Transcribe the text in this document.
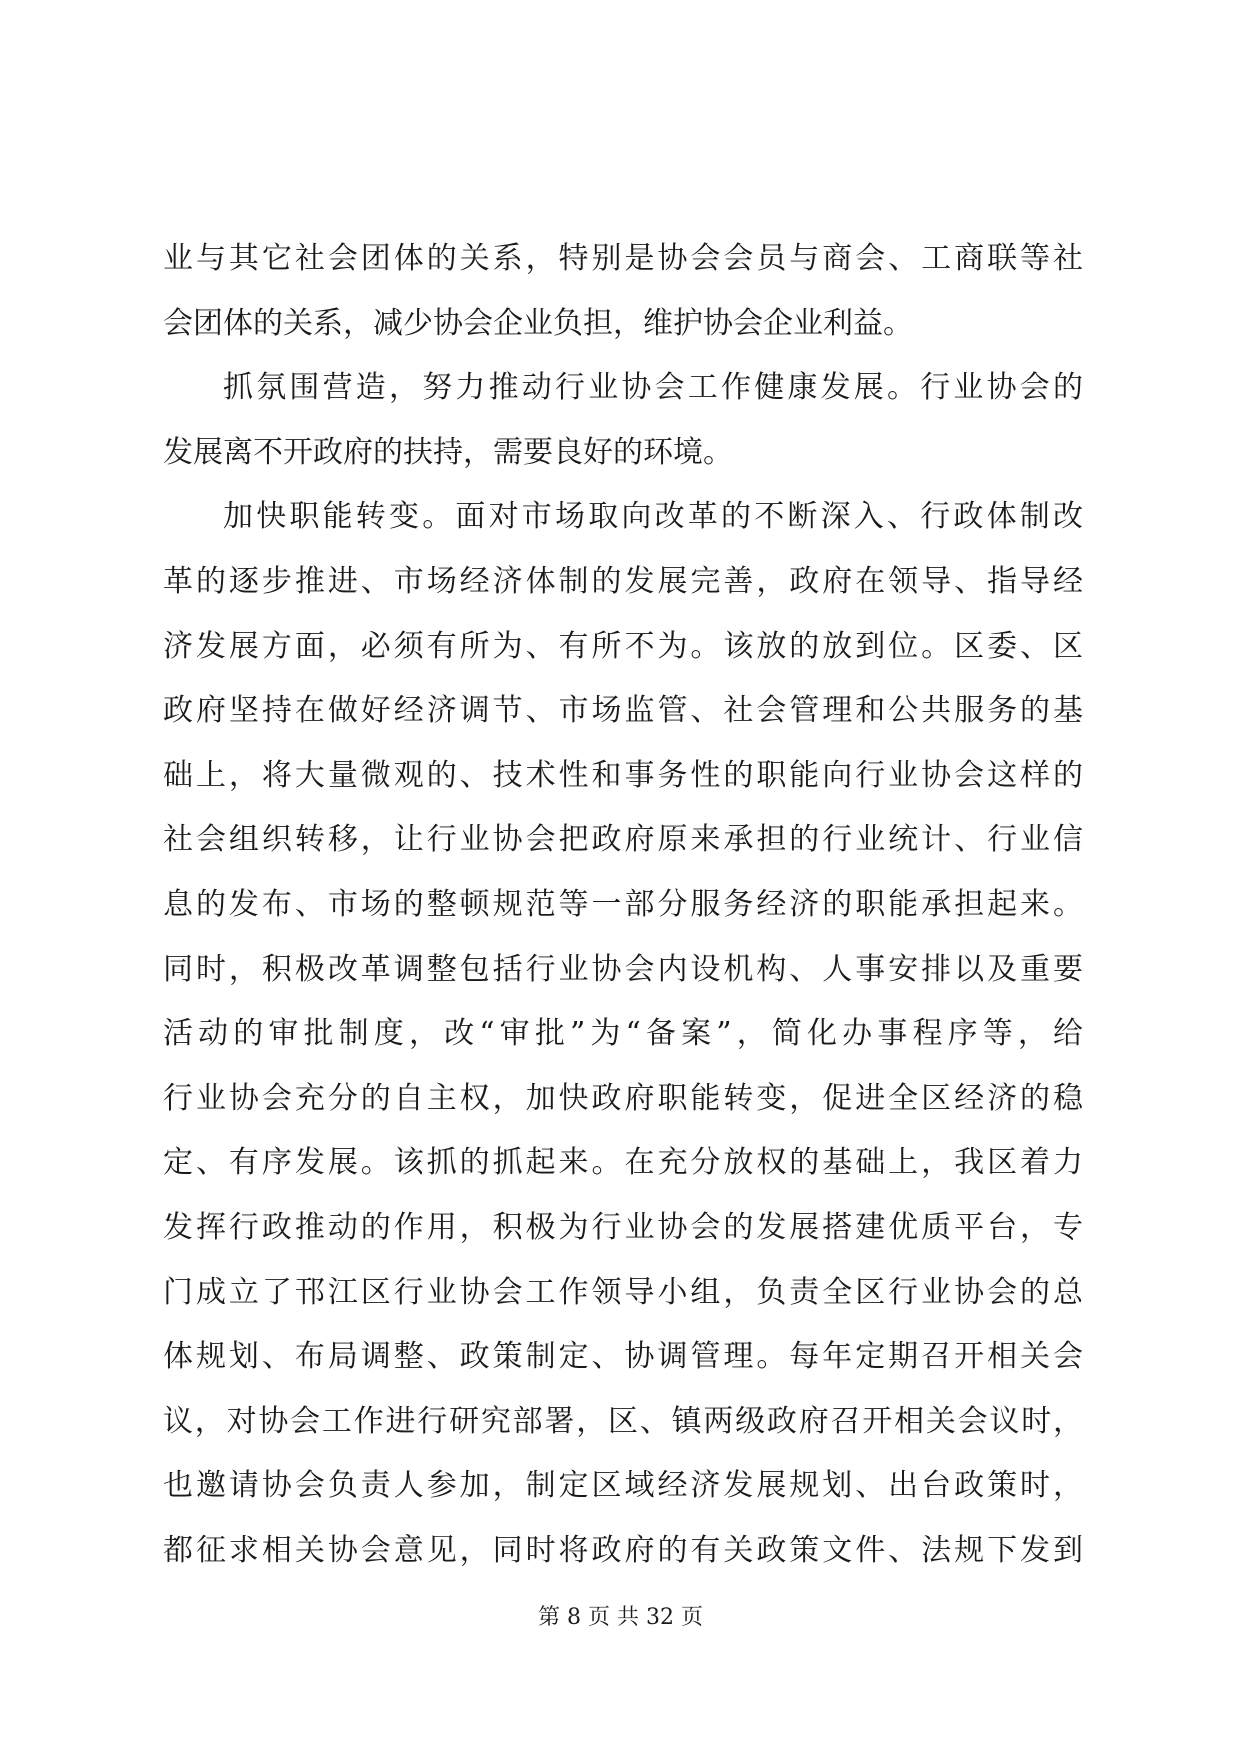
业与其它社会团体的关系，特别是协会会员与商会、工商联等社
会团体的关系，减少协会企业负担，维护协会企业利益。
抓氛围营造，努力推动行业协会工作健康发展。行业协会的
发展离不开政府的扶持，需要良好的环境。
加快职能转变。面对市场取向改革的不断深入、行政体制改
革的逐步推进、市场经济体制的发展完善，政府在领导、指导经
济发展方面，必须有所为、有所不为。该放的放到位。区委、区
政府坚持在做好经济调节、市场监管、社会管理和公共服务的基
础上，将大量微观的、技术性和事务性的职能向行业协会这样的
社会组织转移，让行业协会把政府原来承担的行业统计、行业信
息的发布、市场的整顿规范等一部分服务经济的职能承担起来。
同时，积极改革调整包括行业协会内设机构、人事安排以及重要
活动的审批制度，改“审批”为“备案”，简化办事程序等，给
行业协会充分的自主权，加快政府职能转变，促进全区经济的稳
定、有序发展。该抓的抓起来。在充分放权的基础上，我区着力
发挥行政推动的作用，积极为行业协会的发展搭建优质平台，专
门成立了邗江区行业协会工作领导小组，负责全区行业协会的总
体规划、布局调整、政策制定、协调管理。每年定期召开相关会
议，对协会工作进行研究部署，区、镇两级政府召开相关会议时，
也邀请协会负责人参加，制定区域经济发展规划、出台政策时，
都征求相关协会意见，同时将政府的有关政策文件、法规下发到
第 8 页 共 32 页
